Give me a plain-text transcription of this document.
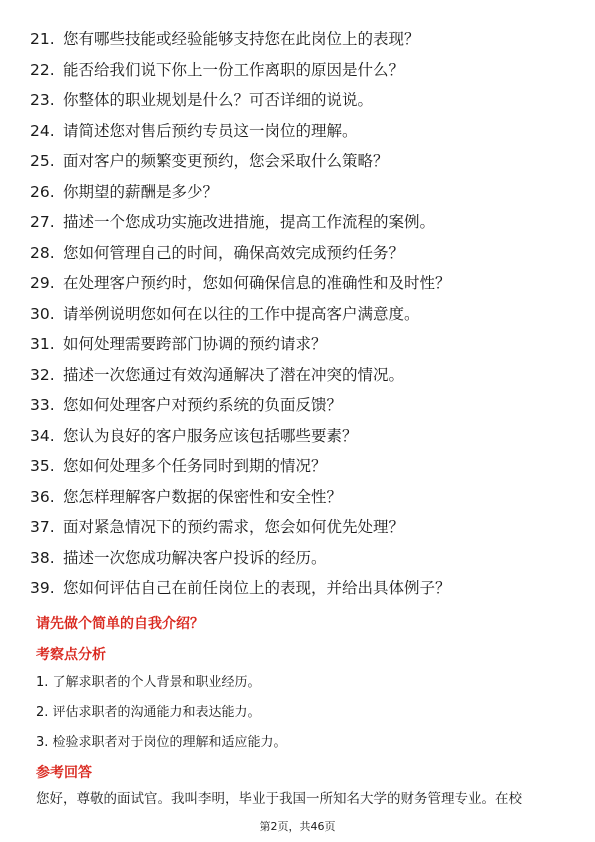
21. 您有哪些技能或经验能够支持您在此岗位上的表现？
22. 能否给我们说下你上一份工作离职的原因是什么？
23. 你整体的职业规划是什么？可否详细的说说。
24. 请简述您对售后预约专员这一岗位的理解。
25. 面对客户的频繁变更预约，您会采取什么策略？
26. 你期望的薪酬是多少？
27. 描述一个您成功实施改进措施，提高工作流程的案例。
28. 您如何管理自己的时间，确保高效完成预约任务？
29. 在处理客户预约时，您如何确保信息的准确性和及时性？
30. 请举例说明您如何在以往的工作中提高客户满意度。
31. 如何处理需要跨部门协调的预约请求？
32. 描述一次您通过有效沟通解决了潜在冲突的情况。
33. 您如何处理客户对预约系统的负面反馈？
34. 您认为良好的客户服务应该包括哪些要素？
35. 您如何处理多个任务同时到期的情况？
36. 您怎样理解客户数据的保密性和安全性？
37. 面对紧急情况下的预约需求，您会如何优先处理？
38. 描述一次您成功解决客户投诉的经历。
39. 您如何评估自己在前任岗位上的表现，并给出具体例子？
请先做个简单的自我介绍？
考察点分析
1. 了解求职者的个人背景和职业经历。
2. 评估求职者的沟通能力和表达能力。
3. 检验求职者对于岗位的理解和适应能力。
参考回答

您好，尊敬的面试官。我叫李明，毕业于我国一所知名大学的财务管理专业。在校

第2页，共46页
